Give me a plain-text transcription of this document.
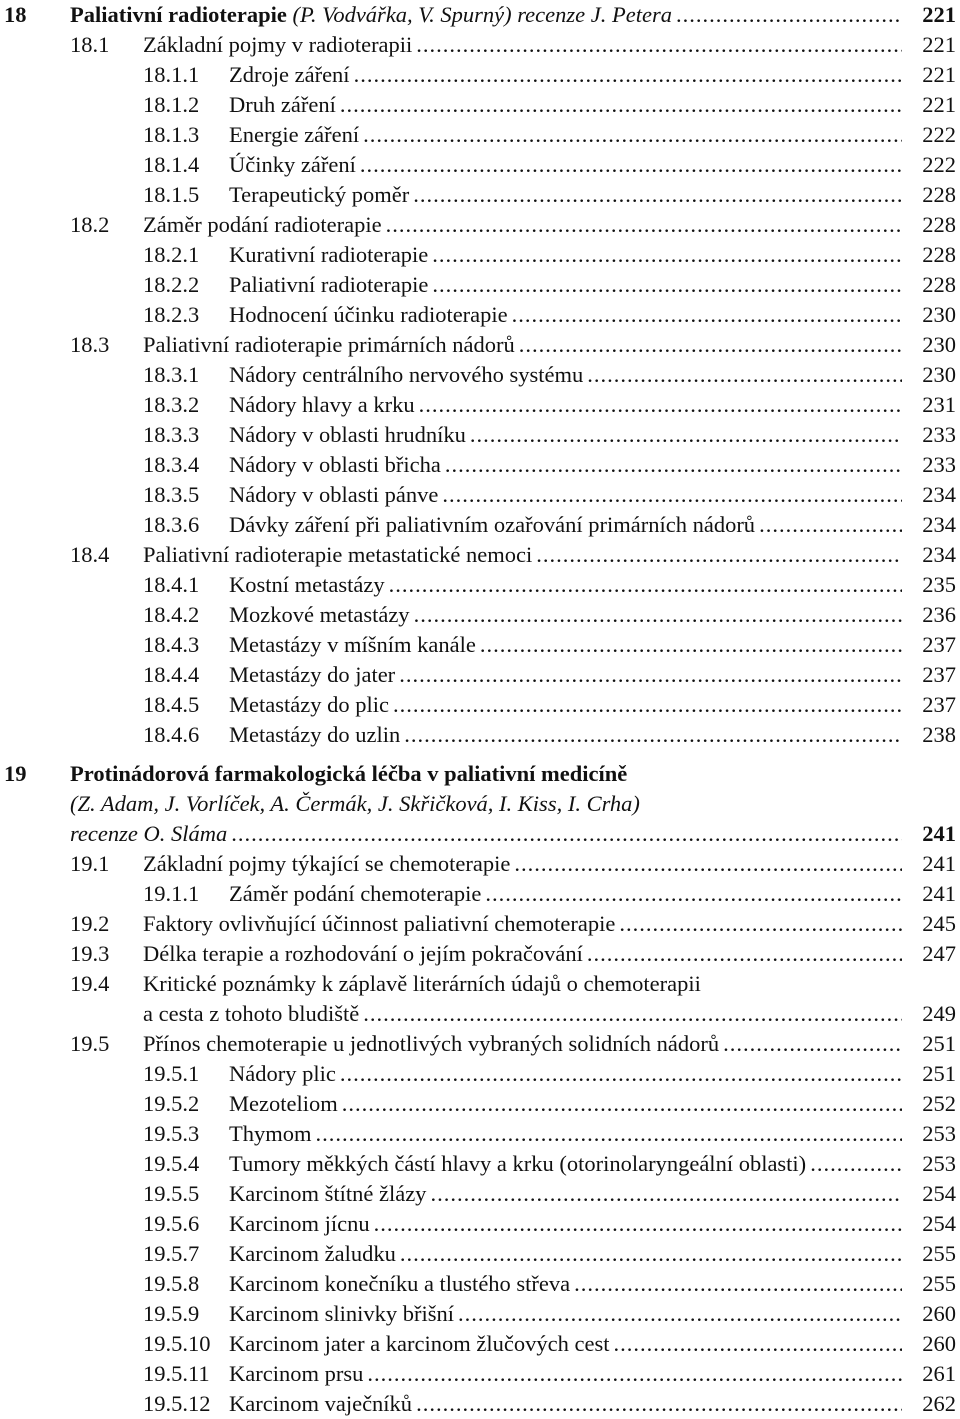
18 Paliativní radioterapie (P. Vodvářka, V. Spurný) recenze J. Petera .....	221
18.1 Základní pojmy v radioterapii .....	221
18.1.1 Zdroje záření .....	221
18.1.2 Druh záření .....	221
18.1.3 Energie záření .....	222
18.1.4 Účinky záření .....	222
18.1.5 Terapeutický poměr .....	228
18.2 Záměr podání radioterapie .....	228
18.2.1 Kurativní radioterapie .....	228
18.2.2 Paliativní radioterapie .....	228
18.2.3 Hodnocení účinku radioterapie .....	230
18.3 Paliativní radioterapie primárních nádorů .....	230
18.3.1 Nádory centrálního nervového systému .....	230
18.3.2 Nádory hlavy a krku .....	231
18.3.3 Nádory v oblasti hrudníku .....	233
18.3.4 Nádory v oblasti břicha .....	233
18.3.5 Nádory v oblasti pánve .....	234
18.3.6 Dávky záření při paliativním ozařování primárních nádorů .....	234
18.4 Paliativní radioterapie metastatické nemoci .....	234
18.4.1 Kostní metastázy .....	235
18.4.2 Mozkové metastázy .....	236
18.4.3 Metastázy v míšním kanále .....	237
18.4.4 Metastázy do jater .....	237
18.4.5 Metastázy do plic .....	237
18.4.6 Metastázy do uzlin .....	238
19 Protinádorová farmakologická léčba v paliativní medicíně
(Z. Adam, J. Vorlíček, A. Čermák, J. Skřičková, I. Kiss, I. Crha)
recenze O. Sláma .....	241
19.1 Základní pojmy týkající se chemoterapie .....	241
19.1.1 Záměr podání chemoterapie .....	241
19.2 Faktory ovlivňující účinnost paliativní chemoterapie .....	245
19.3 Délka terapie a rozhodování o jejím pokračování .....	247
19.4 Kritické poznámky k záplavě literárních údajů o chemoterapii
a cesta z tohoto bludiště .....	249
19.5 Přínos chemoterapie u jednotlivých vybraných solidních nádorů .....	251
19.5.1 Nádory plic .....	251
19.5.2 Mezoteliom .....	252
19.5.3 Thymom .....	253
19.5.4 Tumory měkkých částí hlavy a krku (otorinolaryngeální oblasti) .....	253
19.5.5 Karcinom štítné žlázy .....	254
19.5.6 Karcinom jícnu .....	254
19.5.7 Karcinom žaludku .....	255
19.5.8 Karcinom konečníku a tlustého střeva .....	255
19.5.9 Karcinom slinivky břišní .....	260
19.5.10 Karcinom jater a karcinom žlučových cest .....	260
19.5.11 Karcinom prsu .....	261
19.5.12 Karcinom vaječníků .....	262
